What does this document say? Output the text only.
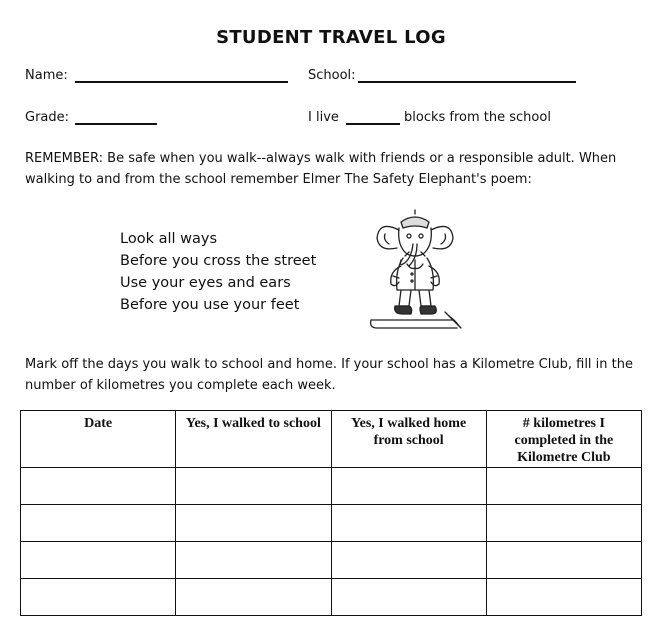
STUDENT TRAVEL LOG
Name:	School:
Grade:	I live	blocks from the school
REMEMBER: Be safe when you walk--always walk with friends or a responsible adult. When walking to and from the school remember Elmer The Safety Elephant's poem:
Look all ways
Before you cross the street
Use your eyes and ears
Before you use your feet
Mark off the days you walk to school and home. If your school has a Kilometre Club, fill in the number of kilometres you complete each week.
Date	Yes, I walked to school	Yes, I walked home from school	# kilometres I completed in the Kilometre Club
